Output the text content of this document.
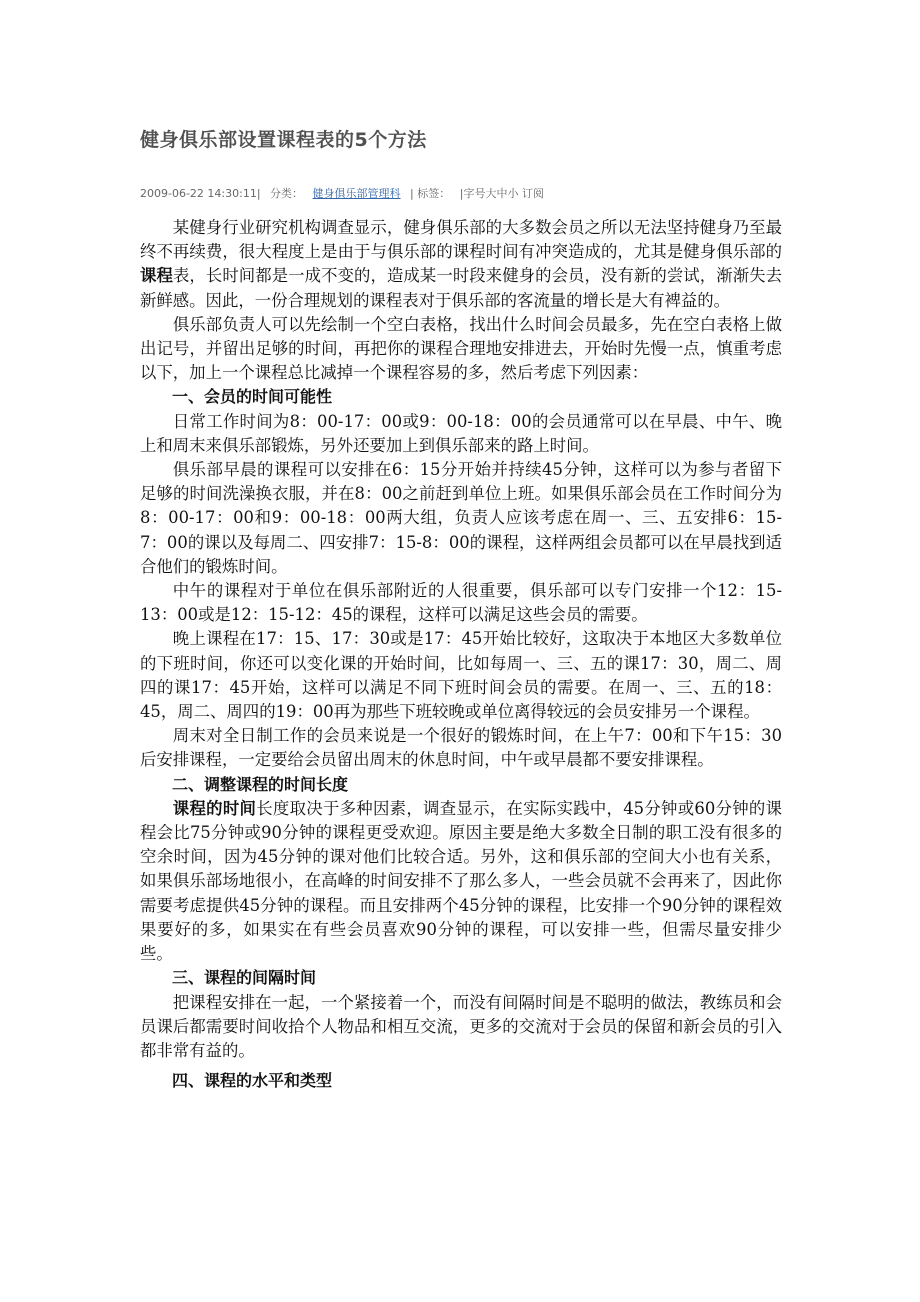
健身俱乐部设置课程表的5个方法
2009-06-22 14:30:11| 分类： 健身俱乐部管理科 | 标签： |字号大中小 订阅

某健身行业研究机构调查显示，健身俱乐部的大多数会员之所以无法坚持健身乃至最终不再续费，很大程度上是由于与俱乐部的课程时间有冲突造成的，尤其是健身俱乐部的课程表，长时间都是一成不变的，造成某一时段来健身的会员，没有新的尝试，渐渐失去新鲜感。因此，一份合理规划的课程表对于俱乐部的客流量的增长是大有裨益的。

俱乐部负责人可以先绘制一个空白表格，找出什么时间会员最多，先在空白表格上做出记号，并留出足够的时间，再把你的课程合理地安排进去，开始时先慢一点，慎重考虑以下，加上一个课程总比减掉一个课程容易的多，然后考虑下列因素：

一、会员的时间可能性

日常工作时间为8：00-17：00或9：00-18：00的会员通常可以在早晨、中午、晚上和周末来俱乐部锻炼，另外还要加上到俱乐部来的路上时间。

俱乐部早晨的课程可以安排在6：15分开始并持续45分钟，这样可以为参与者留下足够的时间洗澡换衣服，并在8：00之前赶到单位上班。如果俱乐部会员在工作时间分为8：00-17：00和9：00-18：00两大组，负责人应该考虑在周一、三、五安排6：15-7：00的课以及每周二、四安排7：15-8：00的课程，这样两组会员都可以在早晨找到适合他们的锻炼时间。

中午的课程对于单位在俱乐部附近的人很重要，俱乐部可以专门安排一个12：15-13：00或是12：15-12：45的课程，这样可以满足这些会员的需要。

晚上课程在17：15、17：30或是17：45开始比较好，这取决于本地区大多数单位的下班时间，你还可以变化课的开始时间，比如每周一、三、五的课17：30，周二、周四的课17：45开始，这样可以满足不同下班时间会员的需要。在周一、三、五的18：45，周二、周四的19：00再为那些下班较晚或单位离得较远的会员安排另一个课程。

周末对全日制工作的会员来说是一个很好的锻炼时间，在上午7：00和下午15：30后安排课程，一定要给会员留出周末的休息时间，中午或早晨都不要安排课程。

二、调整课程的时间长度

课程的时间长度取决于多种因素，调查显示，在实际实践中，45分钟或60分钟的课程会比75分钟或90分钟的课程更受欢迎。原因主要是绝大多数全日制的职工没有很多的空余时间，因为45分钟的课对他们比较合适。另外，这和俱乐部的空间大小也有关系，如果俱乐部场地很小，在高峰的时间安排不了那么多人，一些会员就不会再来了，因此你需要考虑提供45分钟的课程。而且安排两个45分钟的课程，比安排一个90分钟的课程效果要好的多，如果实在有些会员喜欢90分钟的课程，可以安排一些，但需尽量安排少些。

三、课程的间隔时间

把课程安排在一起，一个紧接着一个，而没有间隔时间是不聪明的做法，教练员和会员课后都需要时间收拾个人物品和相互交流，更多的交流对于会员的保留和新会员的引入都非常有益的。

四、课程的水平和类型
